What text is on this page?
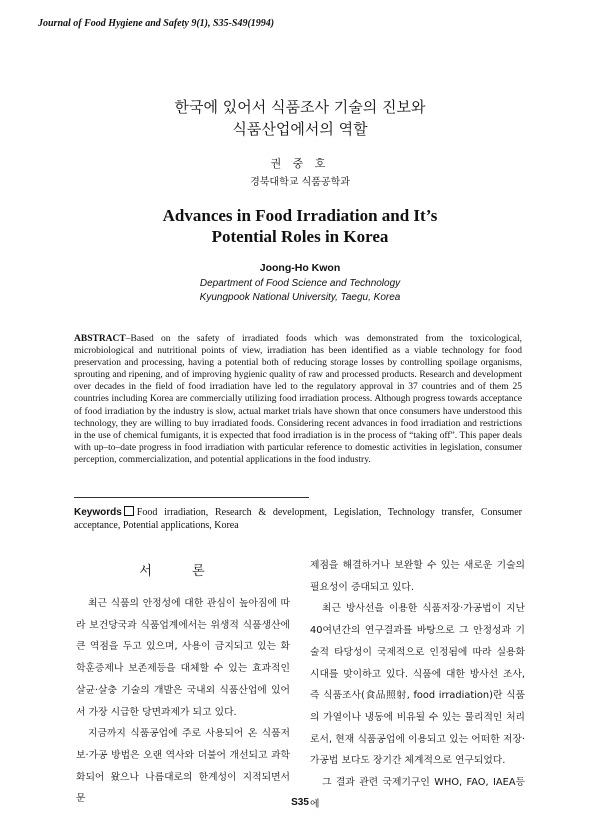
Journal of Food Hygiene and Safety 9(1), S35-S49(1994)
한국에 있어서 식품조사 기술의 진보와
식품산업에서의 역할
권 중 호
경북대학교 식품공학과
Advances in Food Irradiation and It’s
Potential Roles in Korea
Joong-Ho Kwon
Department of Food Science and Technology
Kyungpook National University, Taegu, Korea
ABSTRACT–Based on the safety of irradiated foods which was demonstrated from the toxicological, microbiological and nutritional points of view, irradiation has been identified as a viable technology for food preservation and processing, having a potential both of reducing storage losses by controlling spoilage organisms, sprouting and ripening, and of improving hygienic quality of raw and processed products. Research and development over decades in the field of food irradiation have led to the regulatory approval in 37 countries and of them 25 countries including Korea are commercially utilizing food irradiation process. Although progress towards acceptance of food irradiation by the industry is slow, actual market trials have shown that once consumers have understood this technology, they are willing to buy irradiated foods. Considering recent advances in food irradiation and restrictions in the use of chemical fumigants, it is expected that food irradiation is in the process of “taking off”. This paper deals with up–to–date progress in food irradiation with particular reference to domestic activities in legislation, consumer perception, commercialization, and potential applications in the food industry.
Keywords Food irradiation, Research & development, Legislation, Technology transfer, Consumer acceptance, Potential applications, Korea
서 론

최근 식품의 안정성에 대한 관심이 높아짐에 따라 보건당국과 식품업계에서는 위생적 식품생산에 큰 역점을 두고 있으며, 사용이 금지되고 있는 화학훈증제나 보존제등을 대체할 수 있는 효과적인 살균·살충 기술의 개발은 국내외 식품산업에 있어서 가장 시급한 당면과제가 되고 있다.

지금까지 식품공업에 주로 사용되어 온 식품저보·가공 방법은 오랜 역사와 더불어 개선되고 과학화되어 왔으나 나름대로의 한계성이 지적되면서 문

제점을 해결하거나 보완할 수 있는 새로운 기술의 필요성이 증대되고 있다.

최근 방사선을 이용한 식품저장·가공법이 지난 40여년간의 연구결과를 바탕으로 그 안정성과 기술적 타당성이 국제적으로 인정됨에 따라 실용화 시대를 맞이하고 있다. 식품에 대한 방사선 조사, 즉 식품조사(食品照射, food irradiation)란 식품의 가열이나 냉동에 비유될 수 있는 물리적인 처리로서, 현재 식품공업에 이용되고 있는 어떠한 저장·가공법 보다도 장기간 체계적으로 연구되었다.

그 결과 관련 국제기구인 WHO, FAO, IAEA등에

S35
